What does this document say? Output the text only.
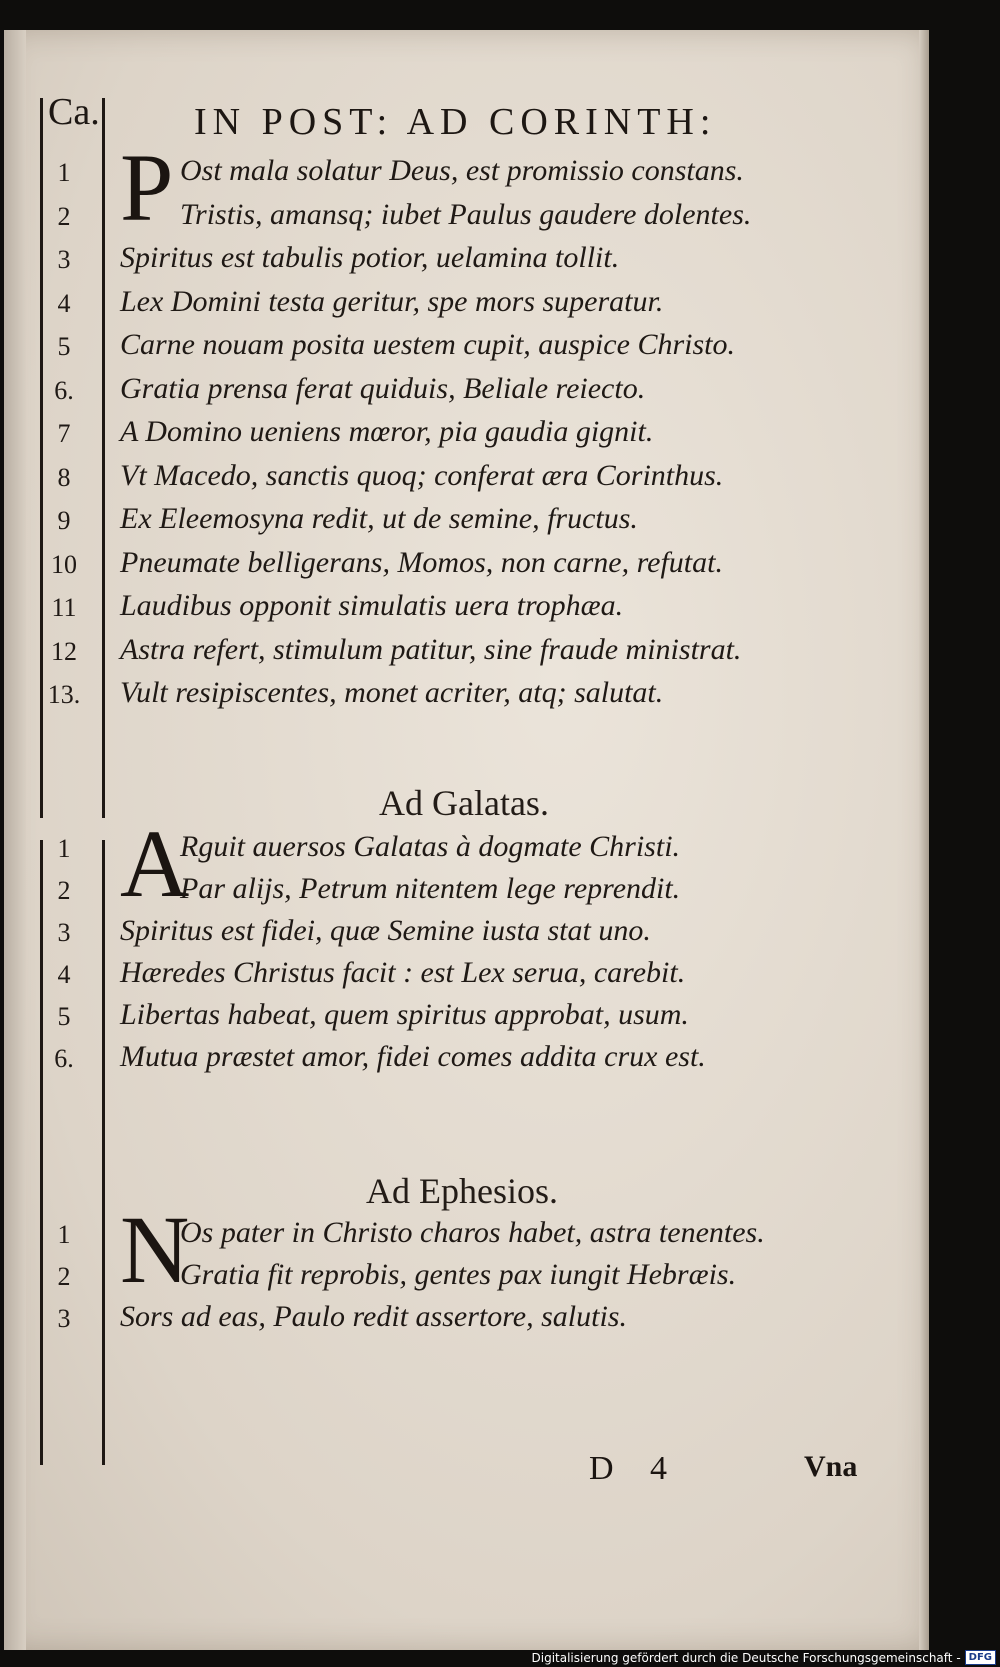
Ca. IN POST: AD CORINTH:
P
1	Ost mala solatur Deus, est promissio constans.
2	Tristis, amansq; iubet Paulus gaudere dolentes.
3	Spiritus est tabulis potior, uelamina tollit.
4	Lex Domini testa geritur, spe mors superatur.
5	Carne nouam posita uestem cupit, auspice Christo.
6.	Gratia prensa ferat quiduis, Beliale reiecto.
7	A Domino ueniens mœror, pia gaudia gignit.
8	Vt Macedo, sanctis quoq; conferat æra Corinthus.
9	Ex Eleemosyna redit, ut de semine, fructus.
10 Pneumate belligerans, Momos, non carne, refutat.
11 Laudibus opponit simulatis uera trophæa.
12 Astra refert, stimulum patitur, sine fraude ministrat.
13. Vult resipiscentes, monet acriter, atq; salutat.
Ad Galatas.
A
1	Rguit auersos Galatas à dogmate Christi.
2	Par alijs, Petrum nitentem lege reprendit.
3	Spiritus est fidei, quæ Semine iusta stat uno.
4	Hæredes Christus facit : est Lex serua, carebit.
5	Libertas habeat, quem spiritus approbat, usum.
6.	Mutua præstet amor, fidei comes addita crux est.
Ad Ephesios.
N
1	Os pater in Christo charos habet, astra tenentes.
2	Gratia fit reprobis, gentes pax iungit Hebræis.
3	Sors ad eas, Paulo redit assertore, salutis.
D 4	Vna
Digitalisierung gefördert durch die Deutsche Forschungsgemeinschaft - DFG
